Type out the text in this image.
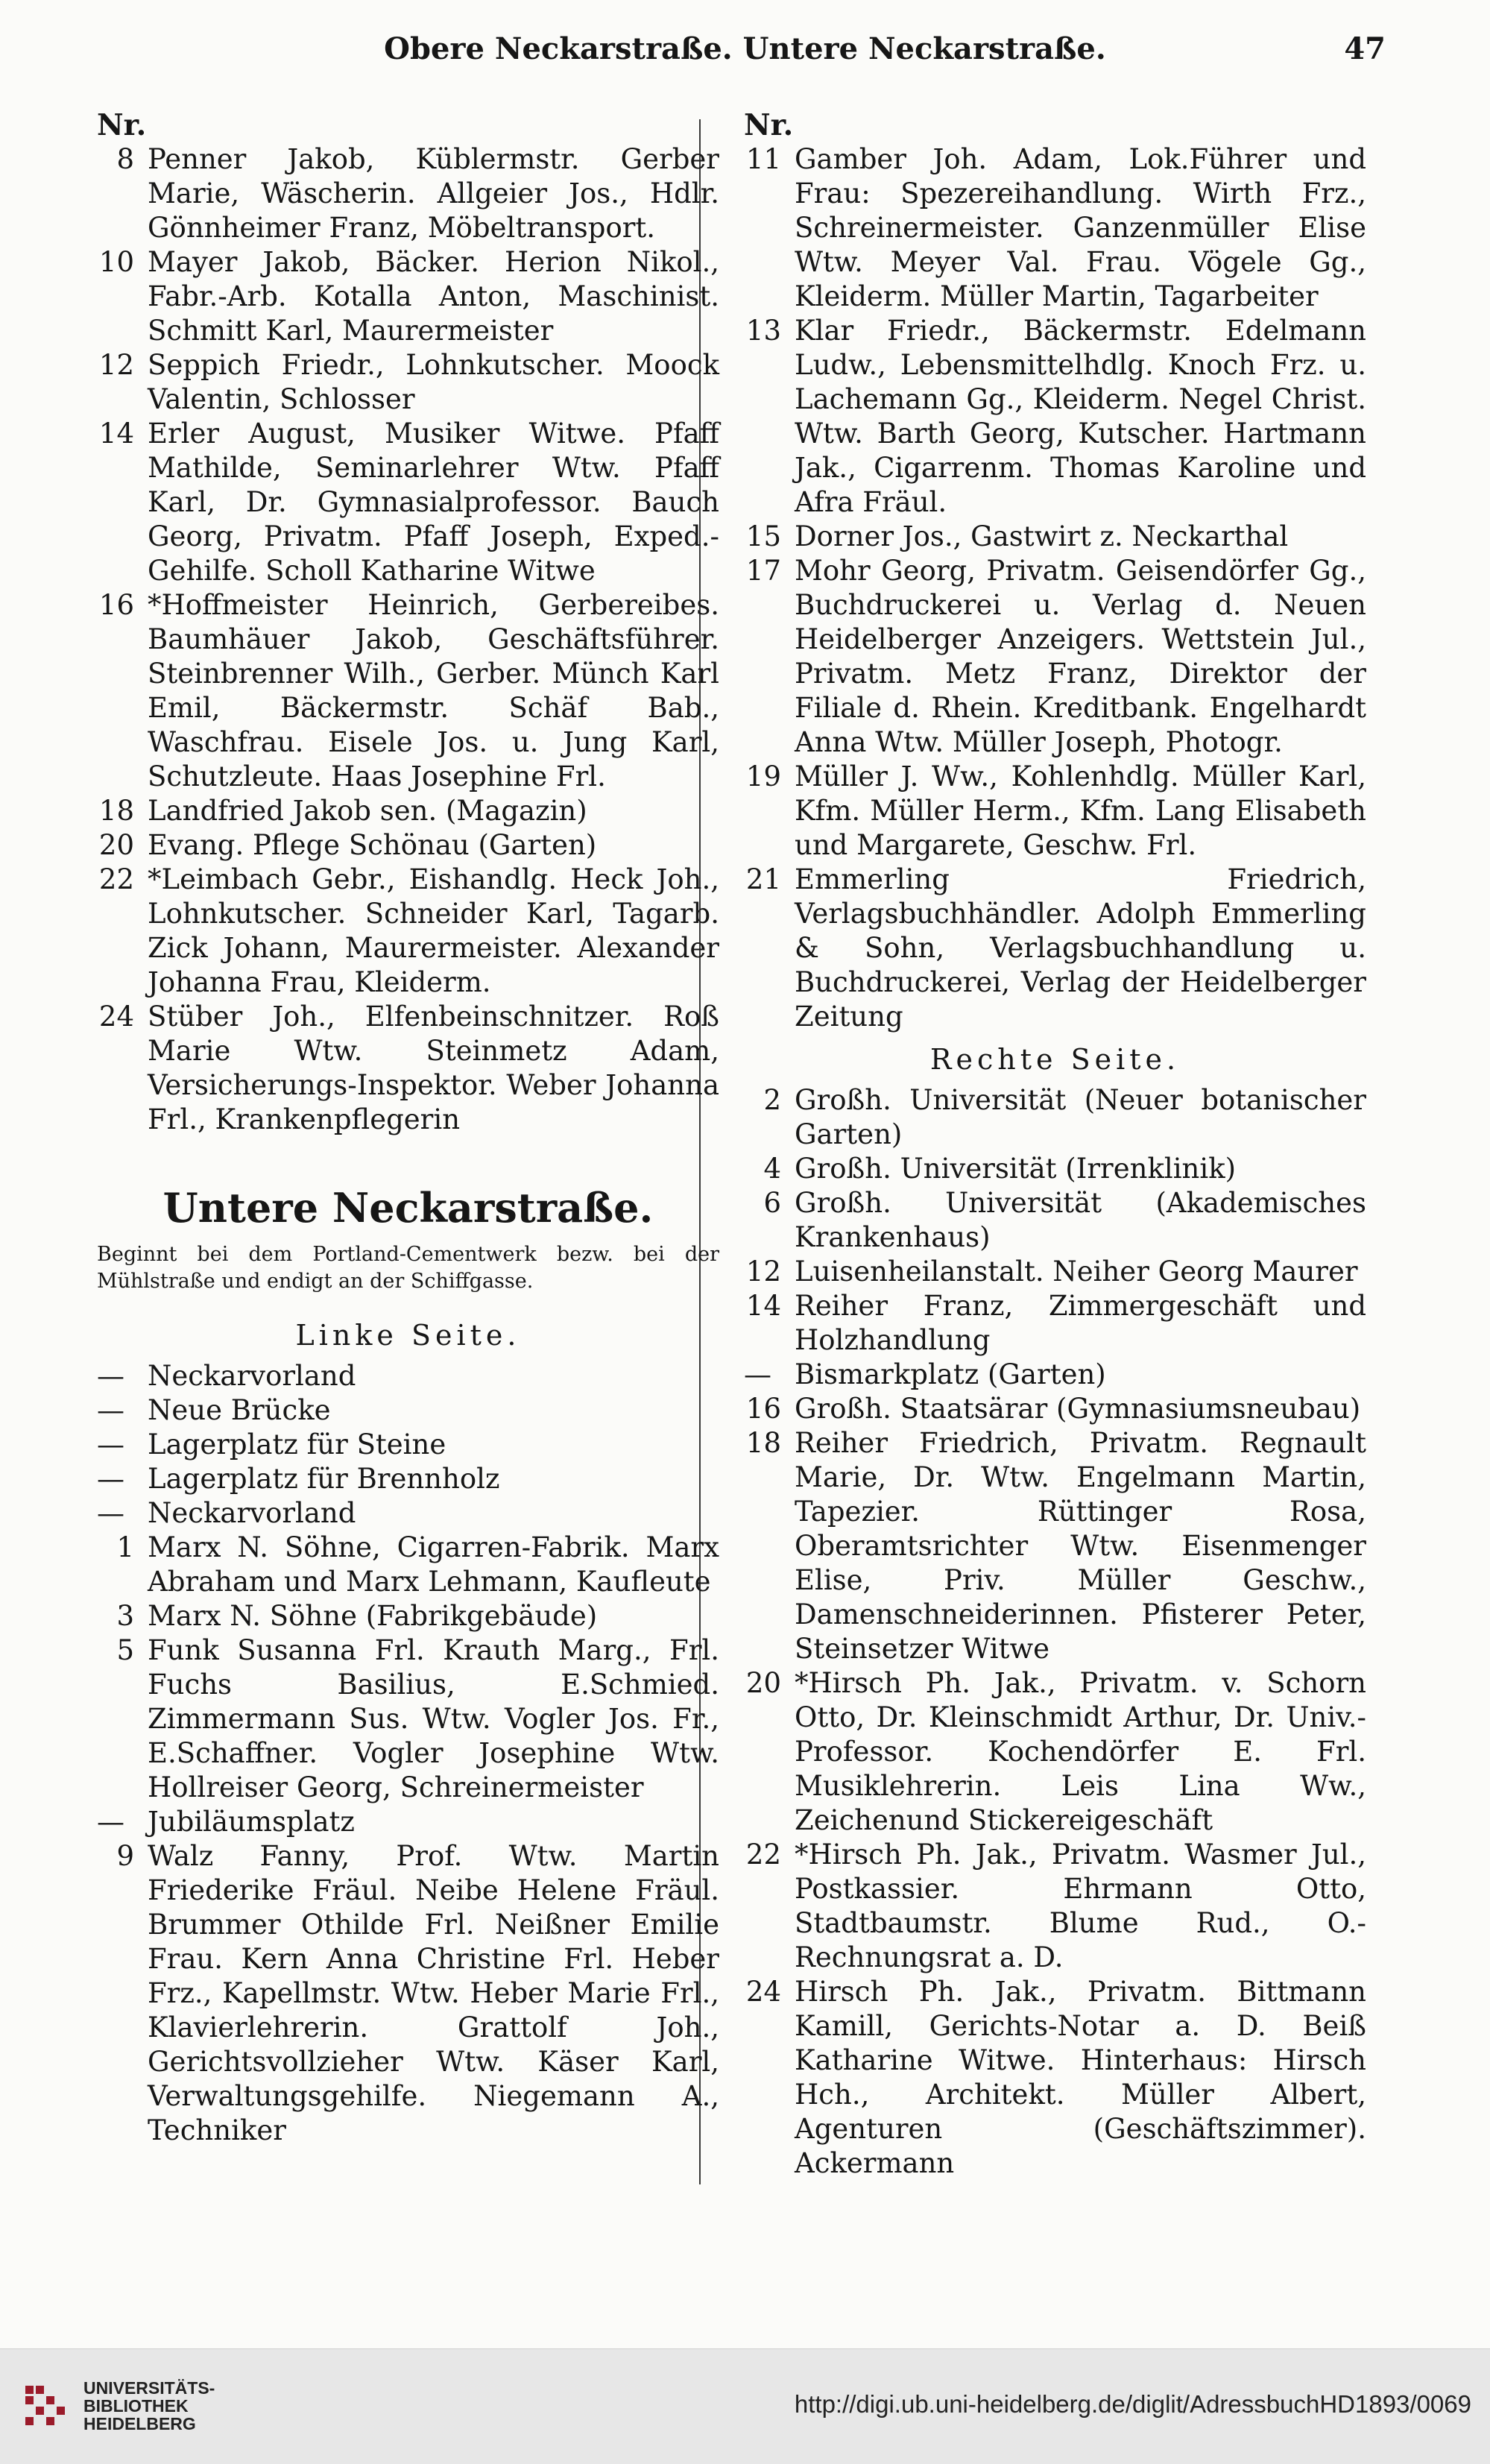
Obere Neckarstraße. Untere Neckarstraße.	47
Nr.
8 Penner Jakob, Küblermstr. Gerber Marie, Wäscherin. Allgeier Jos., Hdlr. Gönnheimer Franz, Möbeltransport.
10 Mayer Jakob, Bäcker. Herion Nikol., Fabr.-Arb. Kotalla Anton, Maschinist. Schmitt Karl, Maurermeister
12 Seppich Friedr., Lohnkutscher. Moock Valentin, Schlosser
14 Erler August, Musiker Witwe. Pfaff Mathilde, Seminarlehrer Wtw. Pfaff Karl, Dr. Gymnasialprofessor. Bauch Georg, Privatm. Pfaff Joseph, Exped.-Gehilfe. Scholl Katharine Witwe
16 *Hoffmeister Heinrich, Gerbereibes. Baumhäuer Jakob, Geschäftsführer. Steinbrenner Wilh., Gerber. Münch Karl Emil, Bäckermstr. Schäf Bab., Waschfrau. Eisele Jos. u. Jung Karl, Schutzleute. Haas Josephine Frl.
18 Landfried Jakob sen. (Magazin)
20 Evang. Pflege Schönau (Garten)
22 *Leimbach Gebr., Eishandlg. Heck Joh., Lohnkutscher. Schneider Karl, Tagarb. Zick Johann, Maurermeister. Alexander Johanna Frau, Kleiderm.
24 Stüber Joh., Elfenbeinschnitzer. Roß Marie Wtw. Steinmetz Adam, Versicherungs-Inspektor. Weber Johanna Frl., Krankenpflegerin
Untere Neckarstraße.
Beginnt bei dem Portland-Cementwerk bezw. bei der Mühlstraße und endigt an der Schiffgasse.
Linke Seite.
— Neckarvorland
— Neue Brücke
— Lagerplatz für Steine
— Lagerplatz für Brennholz
— Neckarvorland
1 Marx N. Söhne, Cigarren-Fabrik. Marx Abraham und Marx Lehmann, Kaufleute
3 Marx N. Söhne (Fabrikgebäude)
5 Funk Susanna Frl. Krauth Marg., Frl. Fuchs Basilius, E.Schmied. Zimmermann Sus. Wtw. Vogler Jos. Fr., E.Schaffner. Vogler Josephine Wtw. Hollreiser Georg, Schreinermeister
— Jubiläumsplatz
9 Walz Fanny, Prof. Wtw. Martin Friederike Fräul. Neibe Helene Fräul. Brummer Othilde Frl. Neißner Emilie Frau. Kern Anna Christine Frl. Heber Frz., Kapellmstr. Wtw. Heber Marie Frl., Klavierlehrerin. Grattolf Joh., Gerichtsvollzieher Wtw. Käser Karl, Verwaltungsgehilfe. Niegemann A., Techniker
Nr.
11 Gamber Joh. Adam, Lok.Führer und Frau: Spezereihandlung. Wirth Frz., Schreinermeister. Ganzenmüller Elise Wtw. Meyer Val. Frau. Vögele Gg., Kleiderm. Müller Martin, Tagarbeiter
13 Klar Friedr., Bäckermstr. Edelmann Ludw., Lebensmittelhdlg. Knoch Frz. u. Lachemann Gg., Kleiderm. Negel Christ. Wtw. Barth Georg, Kutscher. Hartmann Jak., Cigarrenm. Thomas Karoline und Afra Fräul.
15 Dorner Jos., Gastwirt z. Neckarthal
17 Mohr Georg, Privatm. Geisendörfer Gg., Buchdruckerei u. Verlag d. Neuen Heidelberger Anzeigers. Wettstein Jul., Privatm. Metz Franz, Direktor der Filiale d. Rhein. Kreditbank. Engelhardt Anna Wtw. Müller Joseph, Photogr.
19 Müller J. Ww., Kohlenhdlg. Müller Karl, Kfm. Müller Herm., Kfm. Lang Elisabeth und Margarete, Geschw. Frl.
21 Emmerling Friedrich, Verlagsbuchhändler. Adolph Emmerling & Sohn, Verlagsbuchhandlung u. Buchdruckerei, Verlag der Heidelberger Zeitung
Rechte Seite.
2 Großh. Universität (Neuer botanischer Garten)
4 Großh. Universität (Irrenklinik)
6 Großh. Universität (Akademisches Krankenhaus)
12 Luisenheilanstalt. Neiher Georg Maurer
14 Reiher Franz, Zimmergeschäft und Holzhandlung
— Bismarkplatz (Garten)
16 Großh. Staatsärar (Gymnasiumsneubau)
18 Reiher Friedrich, Privatm. Regnault Marie, Dr. Wtw. Engelmann Martin, Tapezier. Rüttinger Rosa, Oberamtsrichter Wtw. Eisenmenger Elise, Priv. Müller Geschw., Damenschneiderinnen. Pfisterer Peter, Steinsetzer Witwe
20 *Hirsch Ph. Jak., Privatm. v. Schorn Otto, Dr. Kleinschmidt Arthur, Dr. Univ.-Professor. Kochendörfer E. Frl. Musiklehrerin. Leis Lina Ww., Zeichenund Stickereigeschäft
22 *Hirsch Ph. Jak., Privatm. Wasmer Jul., Postkassier. Ehrmann Otto, Stadtbaumstr. Blume Rud., O.-Rechnungsrat a. D.
24 Hirsch Ph. Jak., Privatm. Bittmann Kamill, Gerichts-Notar a. D. Beiß Katharine Witwe. Hinterhaus: Hirsch Hch., Architekt. Müller Albert, Agenturen (Geschäftszimmer). Ackermann
UNIVERSITÄTS-
BIBLIOTHEK
HEIDELBERG
http://digi.ub.uni-heidelberg.de/diglit/AdressbuchHD1893/0069
